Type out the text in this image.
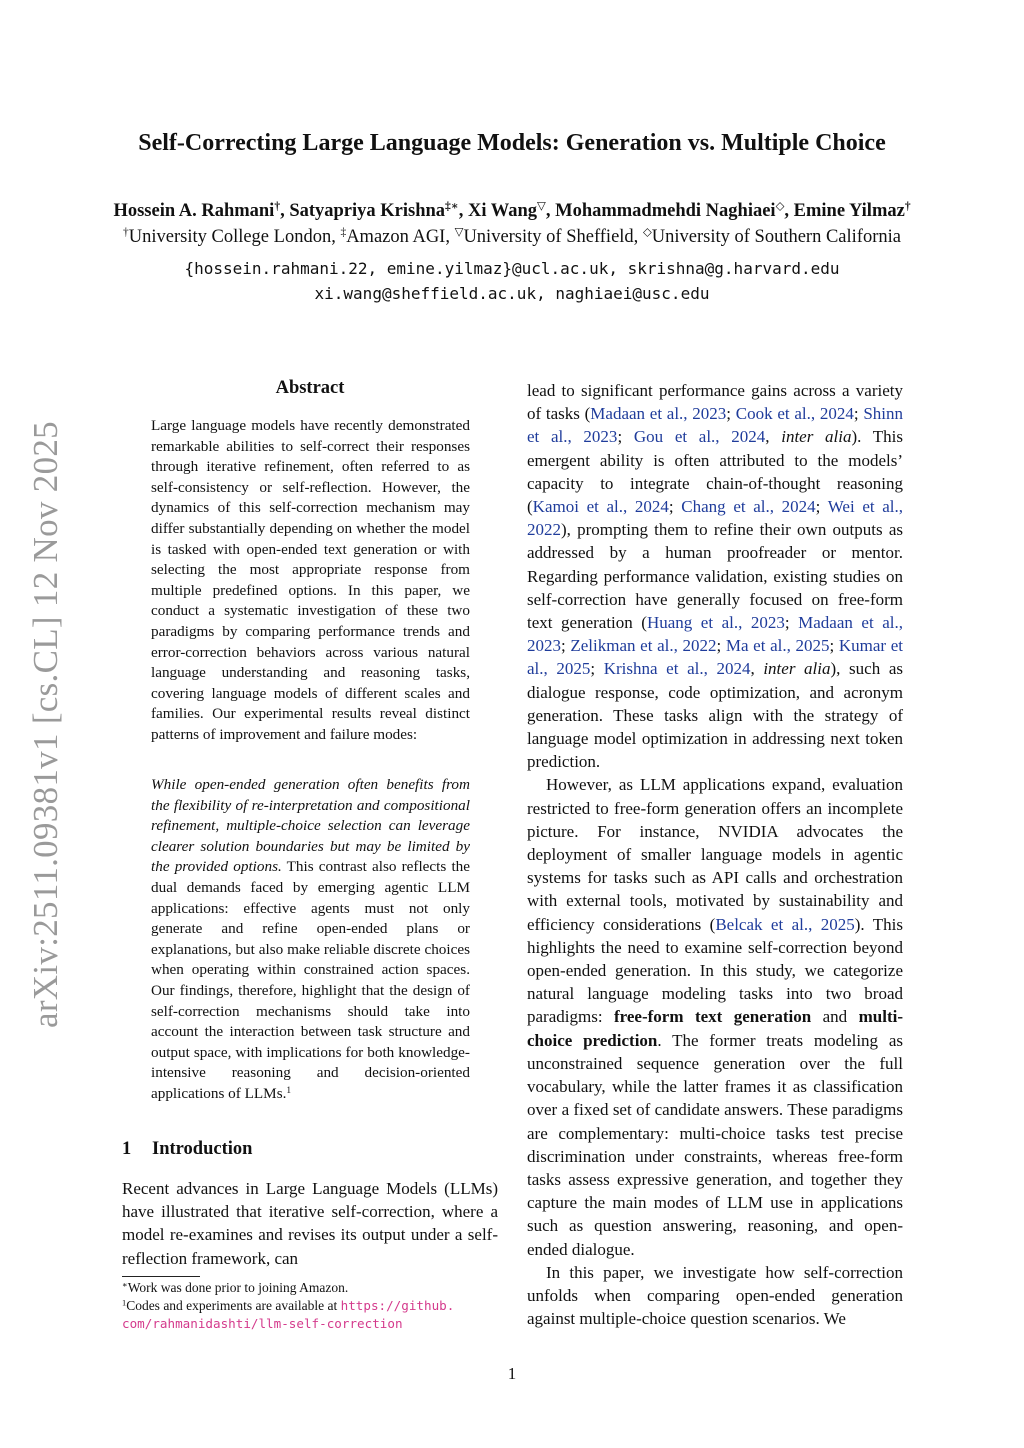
arXiv:2511.09381v1 [cs.CL] 12 Nov 2025
Self-Correcting Large Language Models: Generation vs. Multiple Choice
Hossein A. Rahmani†, Satyapriya Krishna‡∗, Xi Wang▽, Mohammadmehdi Naghiaei◇, Emine Yilmaz†
†University College London, ‡Amazon AGI, ▽University of Sheffield, ◇University of Southern California
{hossein.rahmani.22, emine.yilmaz}@ucl.ac.uk, skrishna@g.harvard.edu
xi.wang@sheffield.ac.uk, naghiaei@usc.edu
Abstract

Large language models have recently demonstrated remarkable abilities to self-correct their responses through iterative refinement, often referred to as self-consistency or self-reflection. However, the dynamics of this self-correction mechanism may differ substantially depending on whether the model is tasked with open-ended text generation or with selecting the most appropriate response from multiple predefined options. In this paper, we conduct a systematic investigation of these two paradigms by comparing performance trends and error-correction behaviors across various natural language understanding and reasoning tasks, covering language models of different scales and families. Our experimental results reveal distinct patterns of improvement and failure modes:

While open-ended generation often benefits from the flexibility of re-interpretation and compositional refinement, multiple-choice selection can leverage clearer solution boundaries but may be limited by the provided options. This contrast also reflects the dual demands faced by emerging agentic LLM applications: effective agents must not only generate and refine open-ended plans or explanations, but also make reliable discrete choices when operating within constrained action spaces. Our findings, therefore, highlight that the design of self-correction mechanisms should take into account the interaction between task structure and output space, with implications for both knowledge-intensive reasoning and decision-oriented applications of LLMs.$^1$

1 Introduction

Recent advances in Large Language Models (LLMs) have illustrated that iterative self-correction, where a model re-examines and revises its output under a self-reflection framework, can

∗Work was done prior to joining Amazon.
$^1$Codes and experiments are available at https://github.
com/rahmanidashti/llm-self-correction

lead to significant performance gains across a variety of tasks (Madaan et al., 2023; Cook et al., 2024; Shinn et al., 2023; Gou et al., 2024, inter alia). This emergent ability is often attributed to the models’ capacity to integrate chain-of-thought reasoning (Kamoi et al., 2024; Chang et al., 2024; Wei et al., 2022), prompting them to refine their own outputs as addressed by a human proofreader or mentor. Regarding performance validation, existing studies on self-correction have generally focused on free-form text generation (Huang et al., 2023; Madaan et al., 2023; Zelikman et al., 2022; Ma et al., 2025; Kumar et al., 2025; Krishna et al., 2024, inter alia), such as dialogue response, code optimization, and acronym generation. These tasks align with the strategy of language model optimization in addressing next token prediction.

However, as LLM applications expand, evaluation restricted to free-form generation offers an incomplete picture. For instance, NVIDIA advocates the deployment of smaller language models in agentic systems for tasks such as API calls and orchestration with external tools, motivated by sustainability and efficiency considerations (Belcak et al., 2025). This highlights the need to examine self-correction beyond open-ended generation. In this study, we categorize natural language modeling tasks into two broad paradigms: free-form text generation and multi-choice prediction. The former treats modeling as unconstrained sequence generation over the full vocabulary, while the latter frames it as classification over a fixed set of candidate answers. These paradigms are complementary: multi-choice tasks test precise discrimination under constraints, whereas free-form tasks assess expressive generation, and together they capture the main modes of LLM use in applications such as question answering, reasoning, and open-ended dialogue.

In this paper, we investigate how self-correction unfolds when comparing open-ended generation against multiple-choice question scenarios. We

1
